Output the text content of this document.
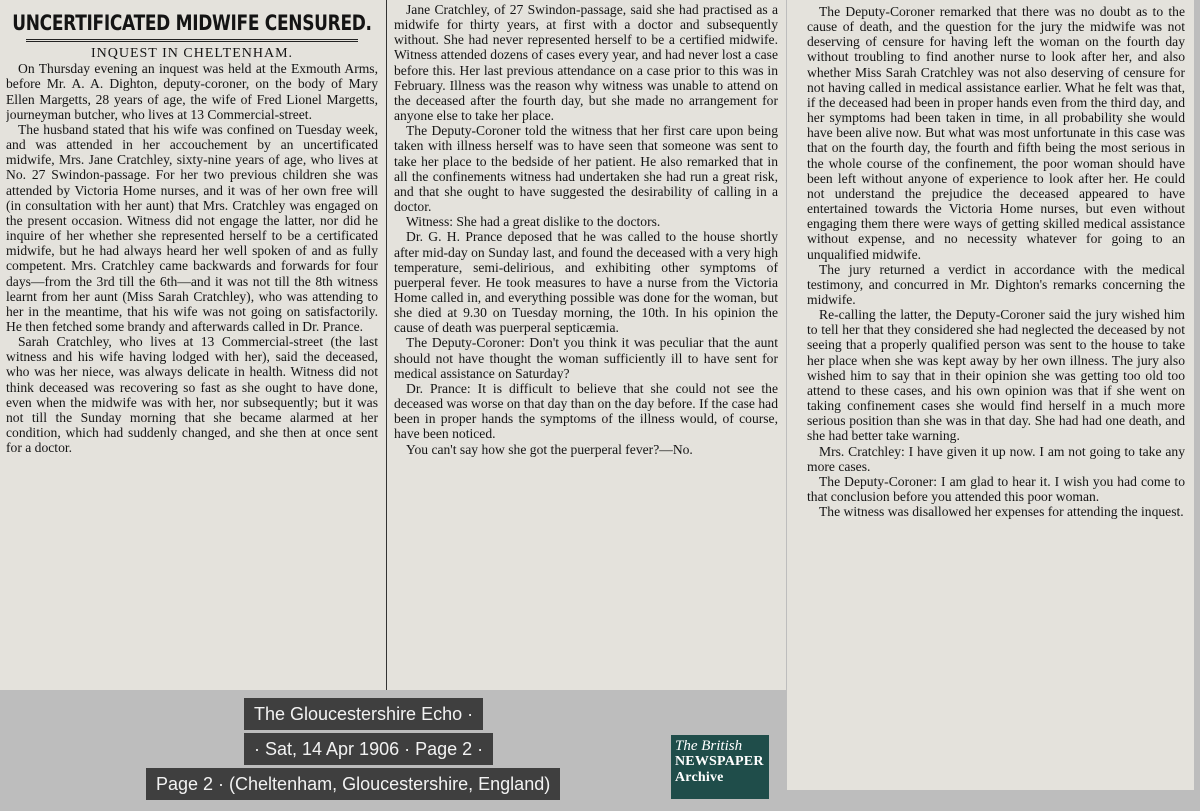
UNCERTIFICATED MIDWIFE CENSURED.

INQUEST IN CHELTENHAM.

On Thursday evening an inquest was held at the Exmouth Arms, before Mr. A. A. Dighton, deputy-coroner, on the body of Mary Ellen Margetts, 28 years of age, the wife of Fred Lionel Margetts, journeyman butcher, who lives at 13 Commercial-street.

The husband stated that his wife was confined on Tuesday week, and was attended in her accouchement by an uncertificated midwife, Mrs. Jane Cratchley, sixty-nine years of age, who lives at No. 27 Swindon-passage. For her two previous children she was attended by Victoria Home nurses, and it was of her own free will (in consultation with her aunt) that Mrs. Cratchley was engaged on the present occasion. Witness did not engage the latter, nor did he inquire of her whether she represented herself to be a certificated midwife, but he had always heard her well spoken of and as fully competent. Mrs. Cratchley came backwards and forwards for four days—from the 3rd till the 6th—and it was not till the 8th witness learnt from her aunt (Miss Sarah Cratchley), who was attending to her in the meantime, that his wife was not going on satisfactorily. He then fetched some brandy and afterwards called in Dr. Prance.

Sarah Cratchley, who lives at 13 Commercial-street (the last witness and his wife having lodged with her), said the deceased, who was her niece, was always delicate in health. Witness did not think deceased was recovering so fast as she ought to have done, even when the midwife was with her, nor subsequently; but it was not till the Sunday morning that she became alarmed at her condition, which had suddenly changed, and she then at once sent for a doctor.

Jane Cratchley, of 27 Swindon-passage, said she had practised as a midwife for thirty years, at first with a doctor and subsequently without. She had never represented herself to be a certified midwife. Witness attended dozens of cases every year, and had never lost a case before this. Her last previous attendance on a case prior to this was in February. Illness was the reason why witness was unable to attend on the deceased after the fourth day, but she made no arrangement for anyone else to take her place.

The Deputy-Coroner told the witness that her first care upon being taken with illness herself was to have seen that someone was sent to take her place to the bedside of her patient. He also remarked that in all the confinements witness had undertaken she had run a great risk, and that she ought to have suggested the desirability of calling in a doctor.

Witness: She had a great dislike to the doctors.

Dr. G. H. Prance deposed that he was called to the house shortly after mid-day on Sunday last, and found the deceased with a very high temperature, semi-delirious, and exhibiting other symptoms of puerperal fever. He took measures to have a nurse from the Victoria Home called in, and everything possible was done for the woman, but she died at 9.30 on Tuesday morning, the 10th. In his opinion the cause of death was puerperal septicæmia.

The Deputy-Coroner: Don't you think it was peculiar that the aunt should not have thought the woman sufficiently ill to have sent for medical assistance on Saturday?

Dr. Prance: It is difficult to believe that she could not see the deceased was worse on that day than on the day before. If the case had been in proper hands the symptoms of the illness would, of course, have been noticed.

You can't say how she got the puerperal fever?—No.

The Deputy-Coroner remarked that there was no doubt as to the cause of death, and the question for the jury the midwife was not deserving of censure for having left the woman on the fourth day without troubling to find another nurse to look after her, and also whether Miss Sarah Cratchley was not also deserving of censure for not having called in medical assistance earlier. What he felt was that, if the deceased had been in proper hands even from the third day, and her symptoms had been taken in time, in all probability she would have been alive now. But what was most unfortunate in this case was that on the fourth day, the fourth and fifth being the most serious in the whole course of the confinement, the poor woman should have been left without anyone of experience to look after her. He could not understand the prejudice the deceased appeared to have entertained towards the Victoria Home nurses, but even without engaging them there were ways of getting skilled medical assistance without expense, and no necessity whatever for going to an unqualified midwife.

The jury returned a verdict in accordance with the medical testimony, and concurred in Mr. Dighton's remarks concerning the midwife.

Re-calling the latter, the Deputy-Coroner said the jury wished him to tell her that they considered she had neglected the deceased by not seeing that a properly qualified person was sent to the house to take her place when she was kept away by her own illness. The jury also wished him to say that in their opinion she was getting too old too attend to these cases, and his own opinion was that if she went on taking confinement cases she would find herself in a much more serious position than she was in that day. She had had one death, and she had better take warning.

Mrs. Cratchley: I have given it up now. I am not going to take any more cases.

The Deputy-Coroner: I am glad to hear it. I wish you had come to that conclusion before you attended this poor woman.

The witness was disallowed her expenses for attending the inquest.

The Gloucestershire Echo ·
· Sat, 14 Apr 1906 · Page 2 ·
Page 2 · (Cheltenham, Gloucestershire, England)
The British
NEWSPAPER
Archive
